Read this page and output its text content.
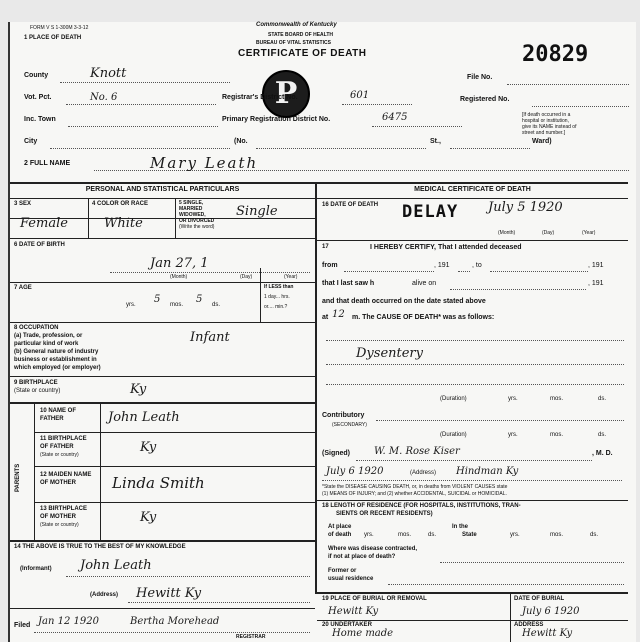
FORM V S 1-300M 3-3-12
1 PLACE OF DEATH
Commonwealth of Kentucky
STATE BOARD OF HEALTH
BUREAU OF VITAL STATISTICS
CERTIFICATE OF DEATH
P
20829
County	Knott	File No.
Vot. Pct.	No. 6	Registrar's District No.	601	Registered No.
Inc. Town	Primary Registration District No.	6475	[If death occurred in a
hospital or institution,
give its NAME instead of
street and number.]
City	(No.	St.,	Ward)
2 FULL NAME	Mary Leath
PERSONAL AND STATISTICAL PARTICULARS
3 SEX
Female
4 COLOR OR RACE
White
5 SINGLE,
MARRIED
WIDOWED,
OR DIVORCED
(Write the word)
Single
6 DATE OF BIRTH
Jan 27, 1
(Month)	(Day)	(Year)
7 AGE
yrs. 5 mos. 5 ds.
If LESS than
1 day... hrs.
or.... min.?
8 OCCUPATION
(a) Trade, profession, or
particular kind of work
(b) General nature of industry
business or establishment in
which employed (or employer)
Infant
9 BIRTHPLACE
(State or country)	Ky
PARENTS
10 NAME OF
FATHER	John Leath
11 BIRTHPLACE
OF FATHER
(State or country)	Ky
12 MAIDEN NAME
OF MOTHER Linda Smith
13 BIRTHPLACE
OF MOTHER
(State or country)	Ky
14 THE ABOVE IS TRUE TO THE BEST OF MY KNOWLEDGE
(Informant) John Leath
(Address) Hewitt Ky
Filed Jan 12 1920	Bertha Morehead
REGISTRAR
MEDICAL CERTIFICATE OF DEATH
16 DATE OF DEATH DELAY July 5 1920
(Month)	(Day)	(Year)
17	I HEREBY CERTIFY, That I attended deceased
from	, 191	, to	, 191
that I last saw h	alive on	, 191
and that death occurred on the date stated above
at 12 m. The CAUSE OF DEATH* was as follows:
Dysentery
(Duration)	yrs.	mos.	ds.
Contributory
(SECONDARY)
(Duration)	yrs.	mos.	ds.
(Signed) W. M. Rose Kiser	, M. D.
July 6 1920	(Address) Hindman Ky
*State the DISEASE CAUSING DEATH, or, in deaths from VIOLENT CAUSES state
(1) MEANS OF INJURY; and (2) whether ACCIDENTAL, SUICIDAL or HOMICIDAL.
18 LENGTH OF RESIDENCE (FOR HOSPITALS, INSTITUTIONS, TRAN-
SIENTS OR RECENT RESIDENTS)
At place
of death yrs.	mos.	ds.
In the
State	yrs.	mos.	ds.
Where was disease contracted,
if not at place of death?
Former or
usual residence
19 PLACE OF BURIAL OR REMOVAL
Hewitt Ky
DATE OF BURIAL
July 6 1920
20 UNDERTAKER
Home made
ADDRESS
Hewitt Ky
